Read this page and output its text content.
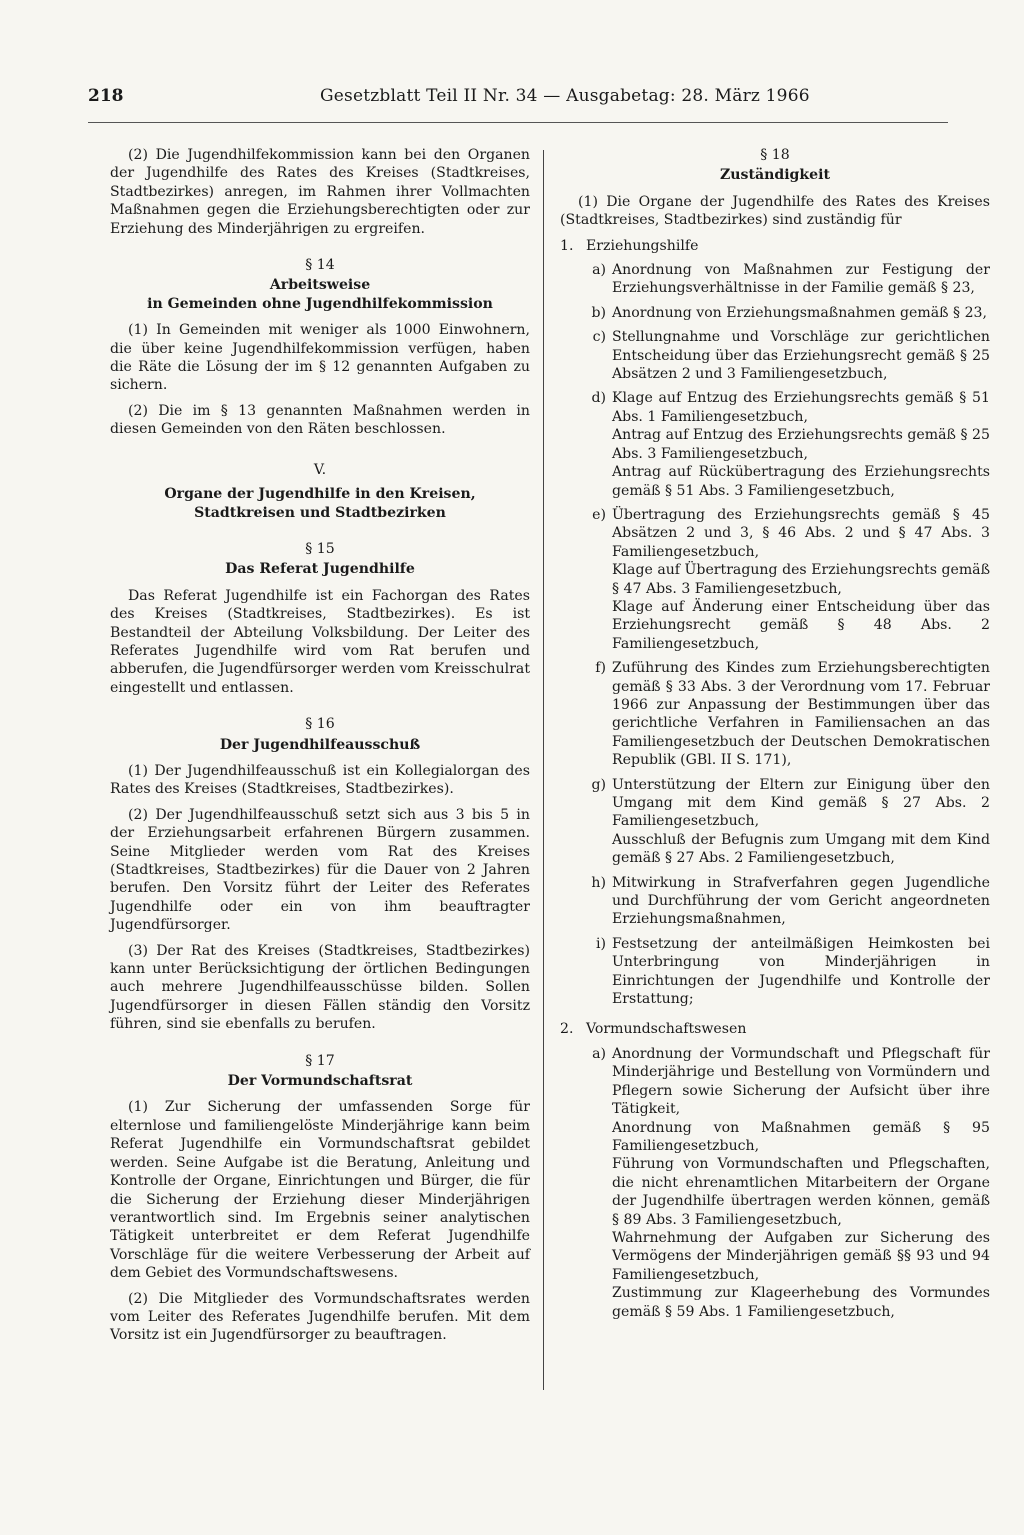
218	Gesetzblatt Teil II Nr. 34 — Ausgabetag: 28. März 1966

(2) Die Jugendhilfekommission kann bei den Organen der Jugendhilfe des Rates des Kreises (Stadtkreises, Stadtbezirkes) anregen, im Rahmen ihrer Vollmachten Maßnahmen gegen die Erziehungsberechtigten oder zur Erziehung des Minderjährigen zu ergreifen.

§ 14
Arbeitsweise
in Gemeinden ohne Jugendhilfekommission

(1) In Gemeinden mit weniger als 1000 Einwohnern, die über keine Jugendhilfekommission verfügen, haben die Räte die Lösung der im § 12 genannten Aufgaben zu sichern.

(2) Die im § 13 genannten Maßnahmen werden in diesen Gemeinden von den Räten beschlossen.

V.
Organe der Jugendhilfe in den Kreisen,
Stadtkreisen und Stadtbezirken
§ 15
Das Referat Jugendhilfe

Das Referat Jugendhilfe ist ein Fachorgan des Rates des Kreises (Stadtkreises, Stadtbezirkes). Es ist Bestandteil der Abteilung Volksbildung. Der Leiter des Referates Jugendhilfe wird vom Rat berufen und abberufen, die Jugendfürsorger werden vom Kreisschulrat eingestellt und entlassen.

§ 16
Der Jugendhilfeausschuß

(1) Der Jugendhilfeausschuß ist ein Kollegialorgan des Rates des Kreises (Stadtkreises, Stadtbezirkes).

(2) Der Jugendhilfeausschuß setzt sich aus 3 bis 5 in der Erziehungsarbeit erfahrenen Bürgern zusammen. Seine Mitglieder werden vom Rat des Kreises (Stadtkreises, Stadtbezirkes) für die Dauer von 2 Jahren berufen. Den Vorsitz führt der Leiter des Referates Jugendhilfe oder ein von ihm beauftragter Jugendfürsorger.

(3) Der Rat des Kreises (Stadtkreises, Stadtbezirkes) kann unter Berücksichtigung der örtlichen Bedingungen auch mehrere Jugendhilfeausschüsse bilden. Sollen Jugendfürsorger in diesen Fällen ständig den Vorsitz führen, sind sie ebenfalls zu berufen.

§ 17
Der Vormundschaftsrat

(1) Zur Sicherung der umfassenden Sorge für elternlose und familiengelöste Minderjährige kann beim Referat Jugendhilfe ein Vormundschaftsrat gebildet werden. Seine Aufgabe ist die Beratung, Anleitung und Kontrolle der Organe, Einrichtungen und Bürger, die für die Sicherung der Erziehung dieser Minderjährigen verantwortlich sind. Im Ergebnis seiner analytischen Tätigkeit unterbreitet er dem Referat Jugendhilfe Vorschläge für die weitere Verbesserung der Arbeit auf dem Gebiet des Vormundschaftswesens.

(2) Die Mitglieder des Vormundschaftsrates werden vom Leiter des Referates Jugendhilfe berufen. Mit dem Vorsitz ist ein Jugendfürsorger zu beauftragen.

§ 18
Zuständigkeit

(1) Die Organe der Jugendhilfe des Rates des Kreises (Stadtkreises, Stadtbezirkes) sind zuständig für

1. Erziehungshilfe
a) Anordnung von Maßnahmen zur Festigung der Erziehungsverhältnisse in der Familie gemäß § 23,
b) Anordnung von Erziehungsmaßnahmen gemäß § 23,
c) Stellungnahme und Vorschläge zur gerichtlichen Entscheidung über das Erziehungsrecht gemäß § 25 Absätzen 2 und 3 Familiengesetzbuch,
d) Klage auf Entzug des Erziehungsrechts gemäß § 51 Abs. 1 Familiengesetzbuch,
Antrag auf Entzug des Erziehungsrechts gemäß § 25 Abs. 3 Familiengesetzbuch,
Antrag auf Rückübertragung des Erziehungsrechts gemäß § 51 Abs. 3 Familiengesetzbuch,
e) Übertragung des Erziehungsrechts gemäß § 45 Absätzen 2 und 3, § 46 Abs. 2 und § 47 Abs. 3 Familiengesetzbuch,
Klage auf Übertragung des Erziehungsrechts gemäß § 47 Abs. 3 Familiengesetzbuch,
Klage auf Änderung einer Entscheidung über das Erziehungsrecht gemäß § 48 Abs. 2 Familiengesetzbuch,
f) Zuführung des Kindes zum Erziehungsberechtigten gemäß § 33 Abs. 3 der Verordnung vom 17. Februar 1966 zur Anpassung der Bestimmungen über das gerichtliche Verfahren in Familiensachen an das Familiengesetzbuch der Deutschen Demokratischen Republik (GBl. II S. 171),
g) Unterstützung der Eltern zur Einigung über den Umgang mit dem Kind gemäß § 27 Abs. 2 Familiengesetzbuch,
Ausschluß der Befugnis zum Umgang mit dem Kind gemäß § 27 Abs. 2 Familiengesetzbuch,
h) Mitwirkung in Strafverfahren gegen Jugendliche und Durchführung der vom Gericht angeordneten Erziehungsmaßnahmen,
i) Festsetzung der anteilmäßigen Heimkosten bei Unterbringung von Minderjährigen in Einrichtungen der Jugendhilfe und Kontrolle der Erstattung;
2. Vormundschaftswesen
a) Anordnung der Vormundschaft und Pflegschaft für Minderjährige und Bestellung von Vormündern und Pflegern sowie Sicherung der Aufsicht über ihre Tätigkeit,
Anordnung von Maßnahmen gemäß § 95 Familiengesetzbuch,
Führung von Vormundschaften und Pflegschaften, die nicht ehrenamtlichen Mitarbeitern der Organe der Jugendhilfe übertragen werden können, gemäß § 89 Abs. 3 Familiengesetzbuch,
Wahrnehmung der Aufgaben zur Sicherung des Vermögens der Minderjährigen gemäß §§ 93 und 94 Familiengesetzbuch,
Zustimmung zur Klageerhebung des Vormundes gemäß § 59 Abs. 1 Familiengesetzbuch,
